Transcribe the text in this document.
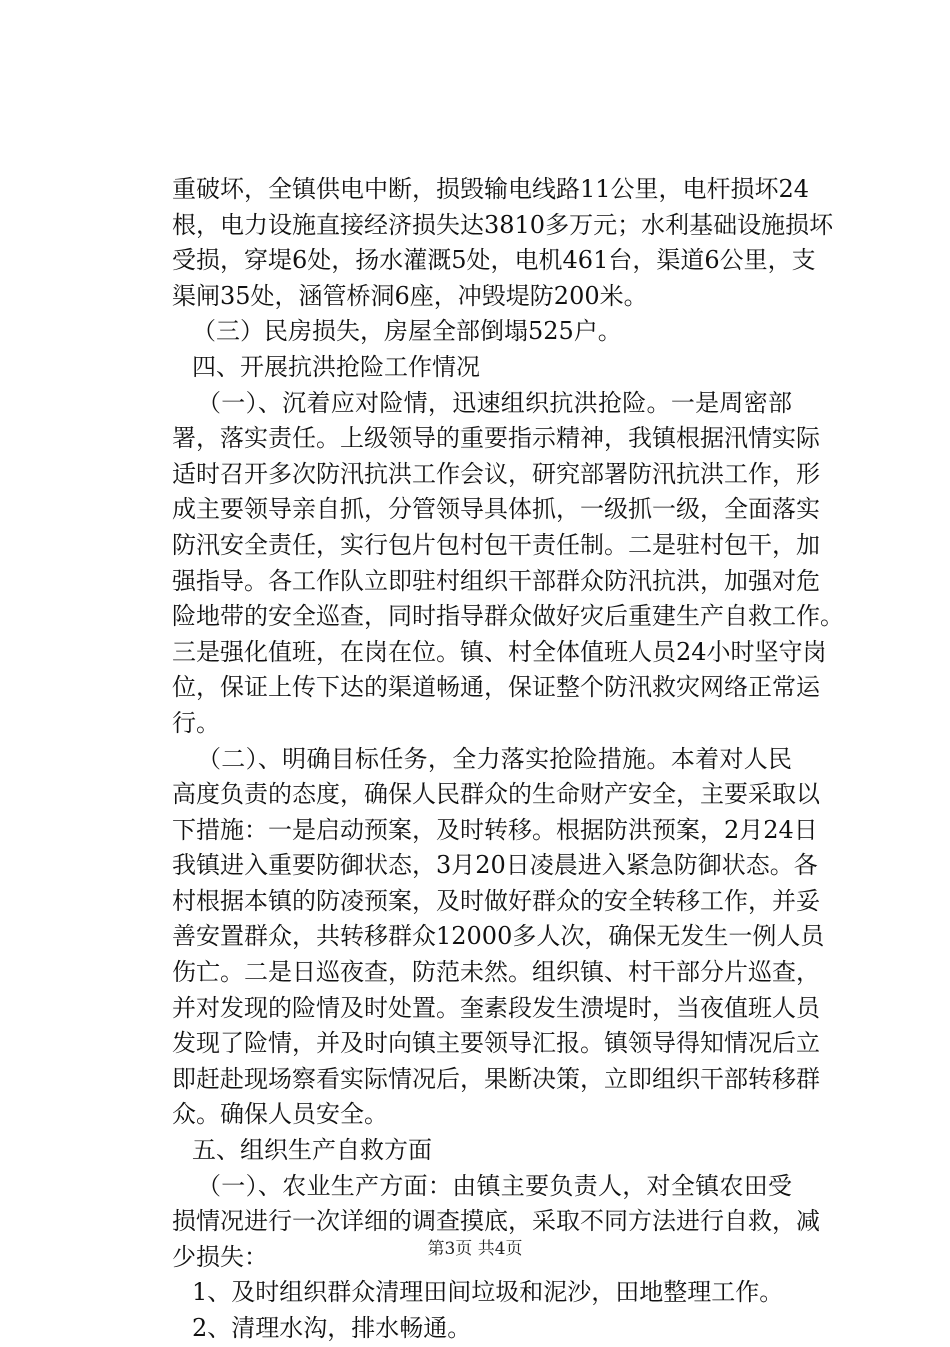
重破坏，全镇供电中断，损毁输电线路11公里，电杆损坏24
根，电力设施直接经济损失达3810多万元；水利基础设施损坏
受损，穿堤6处，扬水灌溉5处，电机461台，渠道6公里，支
渠闸35处，涵管桥洞6座，冲毁堤防200米。
（三）民房损失，房屋全部倒塌525户。
四、开展抗洪抢险工作情况
（一）、沉着应对险情，迅速组织抗洪抢险。一是周密部
署，落实责任。上级领导的重要指示精神，我镇根据汛情实际
适时召开多次防汛抗洪工作会议，研究部署防汛抗洪工作，形
成主要领导亲自抓，分管领导具体抓，一级抓一级，全面落实
防汛安全责任，实行包片包村包干责任制。二是驻村包干，加
强指导。各工作队立即驻村组织干部群众防汛抗洪，加强对危
险地带的安全巡查，同时指导群众做好灾后重建生产自救工作。
三是强化值班，在岗在位。镇、村全体值班人员24小时坚守岗
位，保证上传下达的渠道畅通，保证整个防汛救灾网络正常运
行。
（二）、明确目标任务，全力落实抢险措施。本着对人民
高度负责的态度，确保人民群众的生命财产安全，主要采取以
下措施：一是启动预案，及时转移。根据防洪预案，2月24日
我镇进入重要防御状态，3月20日凌晨进入紧急防御状态。各
村根据本镇的防凌预案，及时做好群众的安全转移工作，并妥
善安置群众，共转移群众12000多人次，确保无发生一例人员
伤亡。二是日巡夜查，防范未然。组织镇、村干部分片巡查，
并对发现的险情及时处置。奎素段发生溃堤时，当夜值班人员
发现了险情，并及时向镇主要领导汇报。镇领导得知情况后立
即赶赴现场察看实际情况后，果断决策，立即组织干部转移群
众。确保人员安全。
五、组织生产自救方面
（一）、农业生产方面：由镇主要负责人，对全镇农田受
损情况进行一次详细的调查摸底，采取不同方法进行自救，减
少损失：
1、及时组织群众清理田间垃圾和泥沙，田地整理工作。
2、清理水沟，排水畅通。
第3页 共4页
